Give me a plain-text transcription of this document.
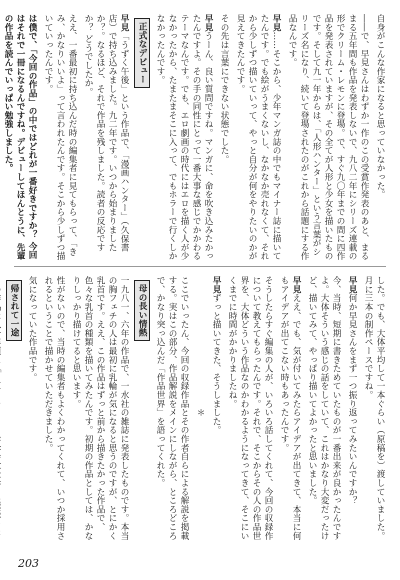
自身がこんな作家になると思っていなかった。

――で、早見さんはわずか一作のこの受賞作発表のあと、まるまる五年間も作品を発表しないで、九八二年にシリーズ連載の形でクリーム・レモンに登場。で、すぐ九〇年までの間に四作品を発表されていますが、その全てが人形と少女を描いたものです。そして九一年からは、「人形ハンター」という言葉がシリーズ名になり、続いて登場されたのがこれから話題にする作品なんです。

早見……そこから、少年マンガ誌の中でもマイナー誌に描いてたんです。でも絵がうまくないし、なかなか売れなくて、それから少しずつ描いていって、やっと自分が何をやりたいのかが見えてきたんです。

その先は言葉にできない状態でした。

早見うーん、良い質問ですね。マンガに、命を吹き込みたかったんですよ。その手の同性にとって一番大事な感じでかかわるテーマなんです。でも、エロ劇画の時代にはエロを描く人が少なかったから、たまたまそこに入って、でもホラーで行くしかなかったんです。

正式なデビュー

早見「うずく午後」という作品で、「漫画ハンター」（久保書店）で持ち込みました。九二年です。いつから始まりましたか？。なるほど、それで作品を残しました。読者の反応ですか？ どうでしたか。

ええ、一番最初に持ち込んだ時の編集者に見てもらって、「きみ、かなりいいよ」って言われたんです。そこから少しずつ描いていったんです。

は僕で、「今回の作品」の中ではどれが一番好きですか？ 今回はそれで一冊になるんですね。デビューしてほんとうに、先輩の作品を読んでいっぱい勉強しました。

した。でも、大体平均して一本ぐらい（原稿を）渡していました。月に三本の制作ペースですね。

早見何か早見さんをまず一つ振り返ってみたいんですか？

今、当時、短期に書きためていたものが一番出来が良かったんですよ。大体そういう感じの話をしていて、これはかなり大変だったけど、描いてみて、やっぱり描いてよかったと思いました。

早見ええ、でも、気が付いてみたらアイデアが出てきて、本当に何もアイデアが出てこない時もあったんです。

そうしたらすぐ編集の人が、いろいろ話してくれて、今回の収録作について教えてもらったんです。それで、そこからその人の作品世界を、大体どういう作品なのかわかるようになってきて、そこにいくまでに時間がかかりましたね。

早見ずっと描いてきた、そうしました。

＊

ここでいったん、今回の収録作品とその作者自らによる解説を掲載する。実はこの部分、作品解説をメインにしながら、ところどころで、かなり突っ込んだ「作品世界」を語ってくれた。

母の長い情熱

一九八一、六年の作品で、一水社の雑誌に発表したものです。本当の胸フェチの人は最初に乳輪が気になると思うのですが、とにかく乳首です。ええ、この作品はずっと前から描きたかった作品で、色々な乳首の種類を描いてみたんです。初期の作品としては、かなりしっかり描けてると思います。

性がないので、当時の編集者もよくわかってくれて、いつか採用されるということで描かせていただきました。

気になっていた作品です。

帰されて一途

203
